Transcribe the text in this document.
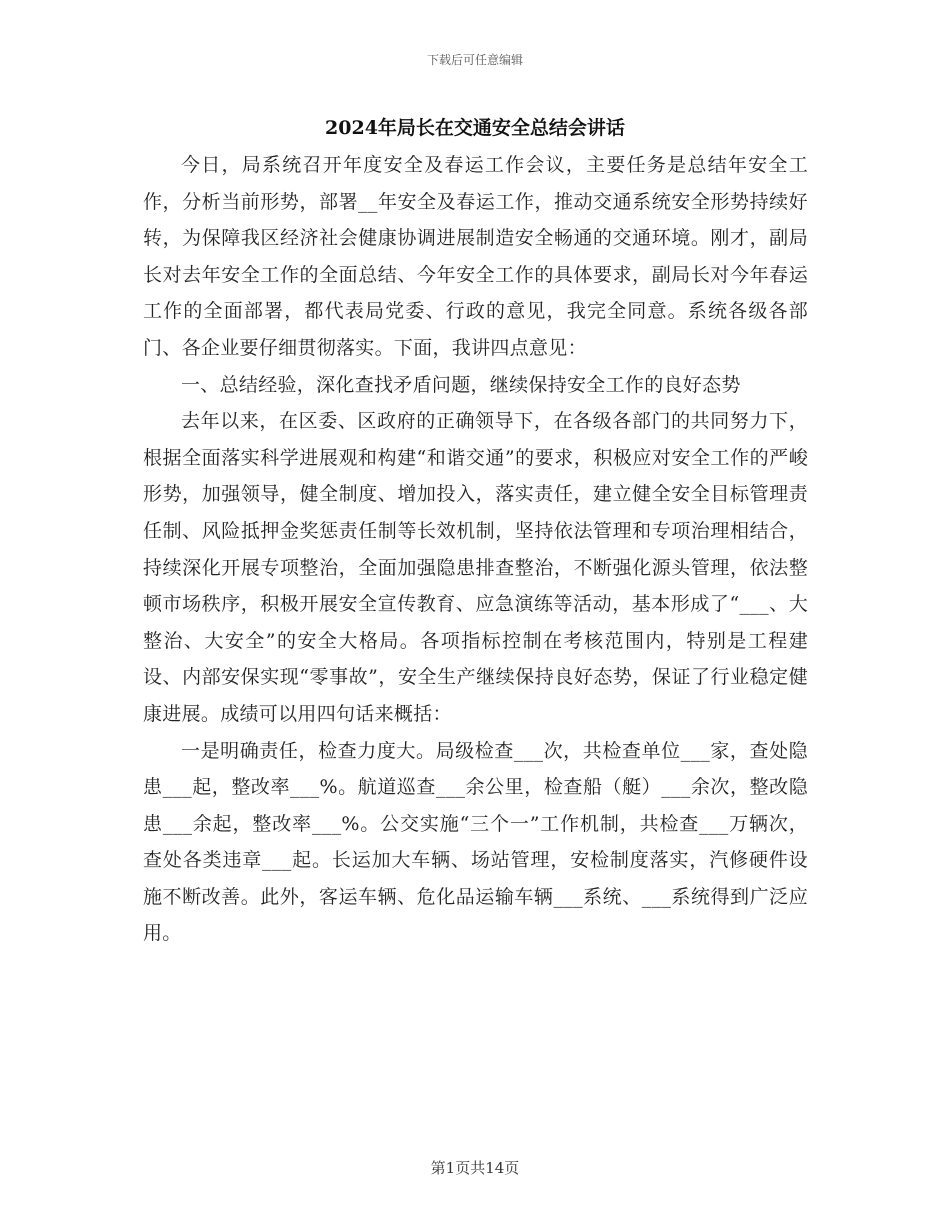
下载后可任意编辑
2024年局长在交通安全总结会讲话

今日，局系统召开年度安全及春运工作会议，主要任务是总结年安全工作，分析当前形势，部署__年安全及春运工作，推动交通系统安全形势持续好转，为保障我区经济社会健康协调进展制造安全畅通的交通环境。刚才，副局长对去年安全工作的全面总结、今年安全工作的具体要求，副局长对今年春运工作的全面部署，都代表局党委、行政的意见，我完全同意。系统各级各部门、各企业要仔细贯彻落实。下面，我讲四点意见：

一、总结经验，深化查找矛盾问题，继续保持安全工作的良好态势

去年以来，在区委、区政府的正确领导下，在各级各部门的共同努力下，根据全面落实科学进展观和构建“和谐交通”的要求，积极应对安全工作的严峻形势，加强领导，健全制度、增加投入，落实责任，建立健全安全目标管理责任制、风险抵押金奖惩责任制等长效机制，坚持依法管理和专项治理相结合，持续深化开展专项整治，全面加强隐患排查整治，不断强化源头管理，依法整顿市场秩序，积极开展安全宣传教育、应急演练等活动，基本形成了“___、大整治、大安全”的安全大格局。各项指标控制在考核范围内，特别是工程建设、内部安保实现“零事故”，安全生产继续保持良好态势，保证了行业稳定健康进展。成绩可以用四句话来概括：

一是明确责任，检查力度大。局级检查___次，共检查单位___家，查处隐患___起，整改率___%。航道巡查___余公里，检查船（艇）___余次，整改隐患___余起，整改率___%。公交实施“三个一”工作机制，共检查___万辆次，查处各类违章___起。长运加大车辆、场站管理，安检制度落实，汽修硬件设施不断改善。此外，客运车辆、危化品运输车辆___系统、___系统得到广泛应用。

第1页共14页
